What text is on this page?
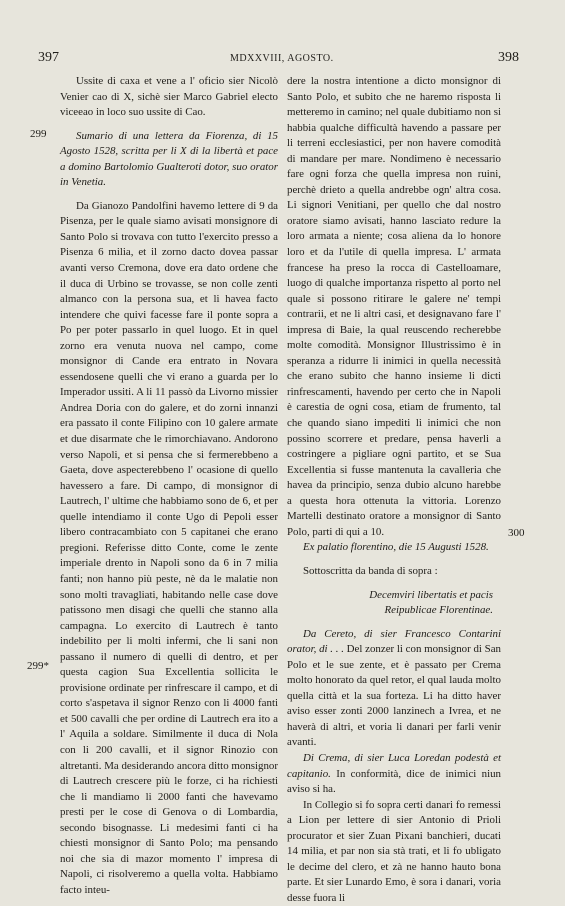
397	MDXXVIII, AGOSTO.	398
299
299*
300

Ussite di caxa et vene a l' oficio sier Nicolò Venier cao di X, sichè sier Marco Gabriel electo viceeao in loco suo ussite di Cao.

Sumario di una lettera da Fiorenza, di 15 Agosto 1528, scritta per li X di la libertà et pace a domino Bartolomio Gualteroti dotor, suo orator in Venetia.

Da Gianozo Pandolfini havemo lettere di 9 da Pisenza, per le quale siamo avisati monsignore di Santo Polo si trovava con tutto l'exercito presso a Pisenza 6 milia, et il zorno dacto dovea passar avanti verso Cremona, dove era dato ordene che il duca di Urbino se trovasse, se non colle zenti almanco con la persona sua, et li havea facto intendere che quivi facesse fare il ponte sopra a Po per poter passarlo in quel luogo. Et in quel zorno era venuta nuova nel campo, come monsignor di Cande era entrato in Novara essendosene quelli che vi erano a guarda per lo Imperador ussiti. A li 11 passò da Livorno missier Andrea Doria con do galere, et do zorni innanzi era passato il conte Filipino con 10 galere armate et due disarmate che le rimorchiavano. Andorono verso Napoli, et si pensa che si fermerebbeno a Gaeta, dove aspecterebbeno l' ocasione di quello havessero a fare. Di campo, di monsignor di Lautrech, l' ultime che habbiamo sono de 6, et per quelle intendiamo il conte Ugo di Pepoli esser libero contracambiato con 5 capitanei che erano pregioni. Referisse ditto Conte, come le zente imperiale drento in Napoli sono da 6 in 7 milia fanti; non hanno più peste, nè da le malatie non sono molti travagliati, habitando nelle case dove patissono men disagi che quelli che stanno alla campagna. Lo exercito di Lautrech è tanto indebilito per li molti infermi, che li sani non passano il numero di quelli di dentro, et per questa cagion Sua Excellentia sollicita le provisione ordinate per rinfrescare il campo, et di corto s'aspetava il signor Renzo con li 4000 fanti et 500 cavalli che per ordine di Lautrech era ito a l' Aquila a soldare. Similmente il duca di Nola con li 200 cavalli, et il signor Rinozio con altretanti. Ma desiderando ancora ditto monsignor di Lautrech crescere più le forze, ci ha richiesti che li mandiamo li 2000 fanti che havevamo presti per le cose di Genova o di Lombardia, secondo bisognasse. Li medesimi fanti ci ha chiesti monsignor di Santo Polo; ma pensando noi che sia di mazor momento l' impresa di Napoli, ci risolveremo a quella volta. Habbiamo facto inteu-

dere la nostra intentione a dicto monsignor di Santo Polo, et subito che ne haremo risposta li metteremo in camino; nel quale dubitiamo non si habbia qualche difficultà havendo a passare per li terreni ecclesiastici, per non havere comodità di mandare per mare. Nondimeno è necessario fare ogni forza che quella impresa non ruini, perchè drieto a quella andrebbe ogn' altra cosa. Li signori Venitiani, per quello che dal nostro oratore siamo avisati, hanno lasciato redure la loro armata a niente; cosa aliena da lo honore loro et da l'utile di quella impresa. L' armata francese ha preso la rocca di Castelloamare, luogo di qualche importanza rispetto al porto nel quale si possono ritirare le galere ne' tempi contrarii, et ne li altri casi, et designavano fare l' impresa di Baie, la qual reuscendo recherebbe molte comodità. Monsignor Illustrissimo è in speranza a ridurre li inimici in quella necessità che erano subito che hanno insieme li dicti rinfrescamenti, havendo per certo che in Napoli è carestia de ogni cosa, etiam de frumento, tal che quando siano impediti li inimici che non possino scorrere et predare, pensa haverli a costringere a pigliare ogni partito, et se Sua Excellentia si fusse mantenuta la cavalleria che havea da principio, senza dubio alcuno harebbe a questa hora ottenuta la vittoria. Lorenzo Martelli destinato oratore a monsignor di Santo Polo, parti di qui a 10.

Ex palatio florentino, die 15 Augusti 1528.

Sottoscritta da banda di sopra :

Decemviri libertatis et pacis

Reipublicae Florentinae.

Da Cereto, di sier Francesco Contarini orator, di . . . Del zonzer li con monsignor di San Polo et le sue zente, et è passato per Crema molto honorato da quel retor, el qual lauda molto quella città et la sua forteza. Li ha ditto haver aviso esser zonti 2000 lanzinech a Ivrea, et ne haverà di altri, et voria li danari per farli venir avanti.

Di Crema, di sier Luca Loredan podestà et capitanio. In conformità, dice de inimici niun aviso si ha.

In Collegio si fo sopra certi danari fo remessi a Lion per lettere di sier Antonio di Prioli procurator et sier Zuan Pixani banchieri, ducati 14 milia, et par non sia stà trati, et li fo ubligato le decime del clero, et zà ne hanno hauto bona parte. Et sier Lunardo Emo, è sora i danari, voria desse fuora li
